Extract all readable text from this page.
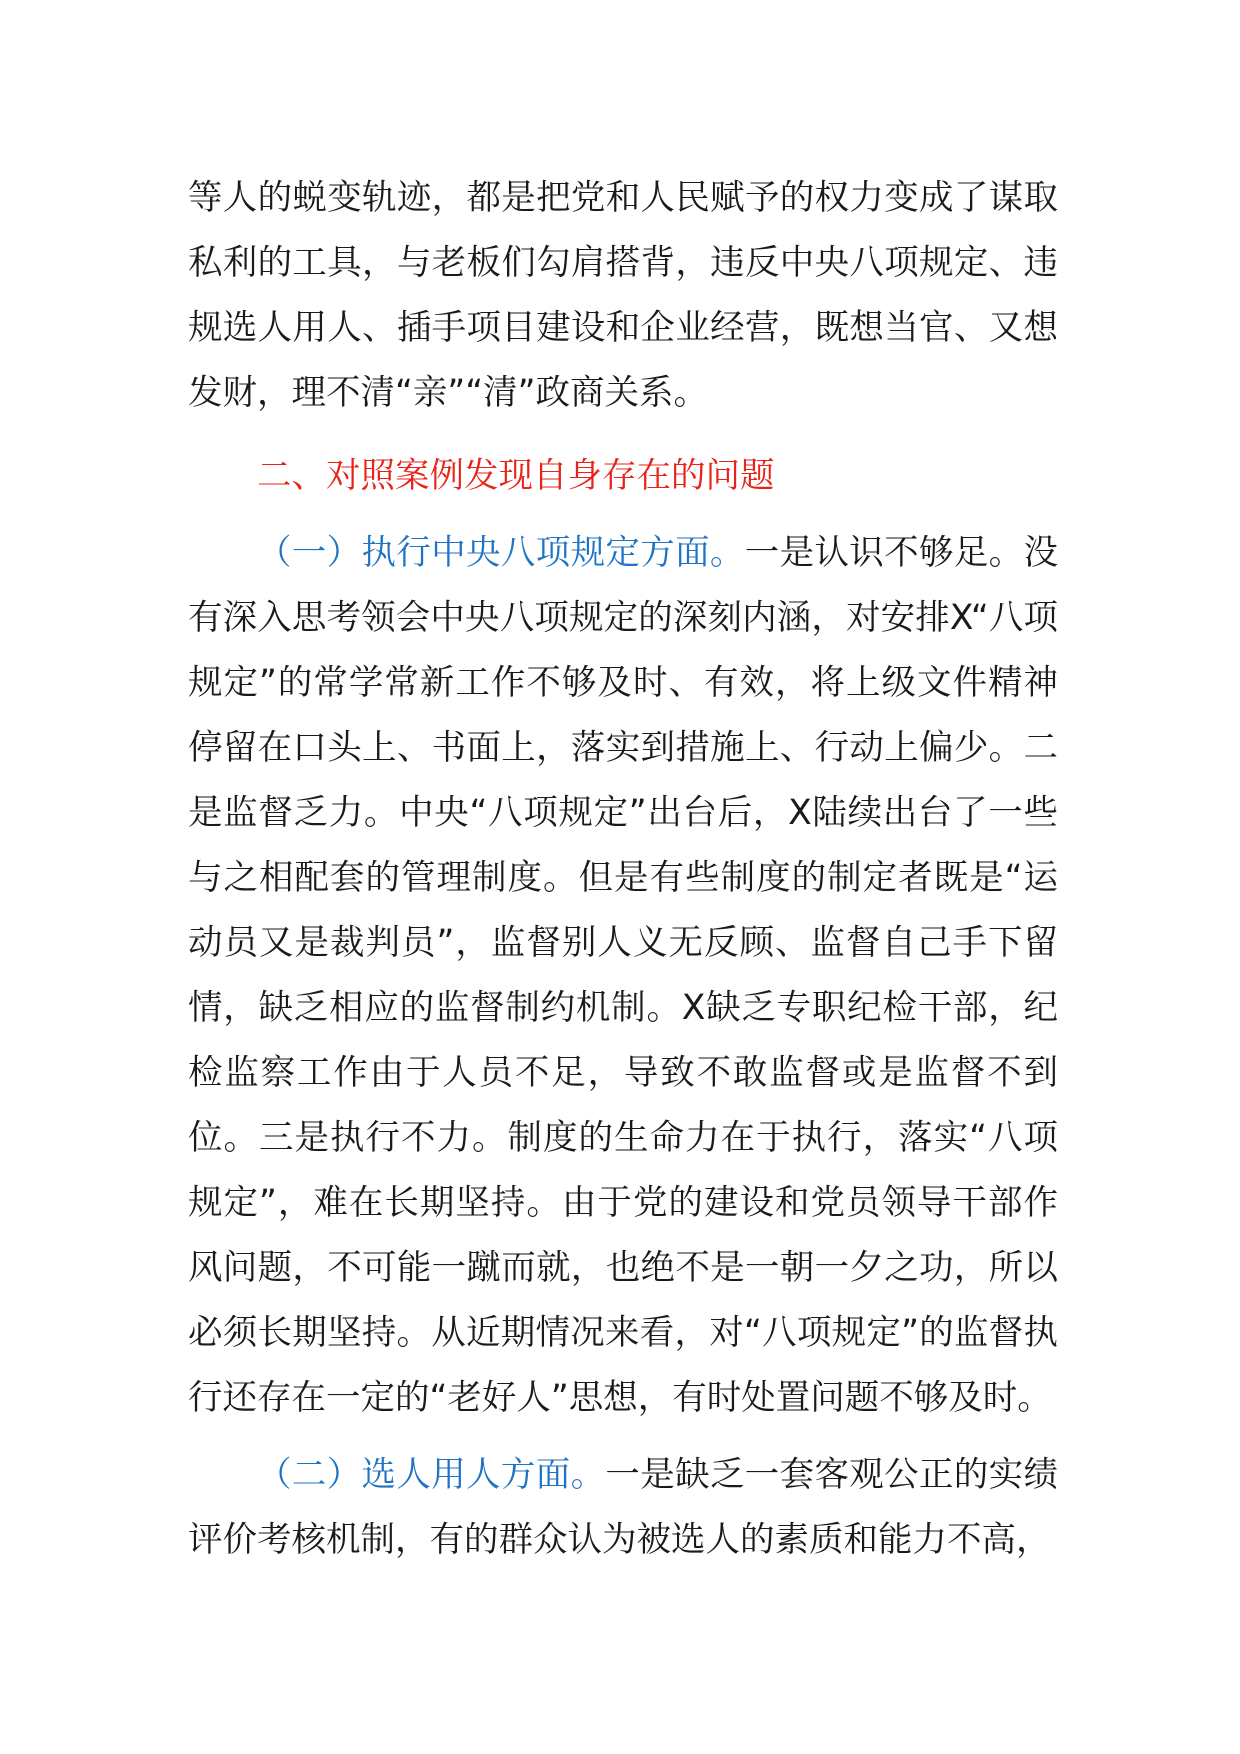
等人的蜕变轨迹，都是把党和人民赋予的权力变成了谋取私利的工具，与老板们勾肩搭背，违反中央八项规定、违规选人用人、插手项目建设和企业经营，既想当官、又想发财，理不清“亲”“清”政商关系。

二、对照案例发现自身存在的问题

（一）执行中央八项规定方面。一是认识不够足。没有深入思考领会中央八项规定的深刻内涵，对安排X“八项规定”的常学常新工作不够及时、有效，将上级文件精神停留在口头上、书面上，落实到措施上、行动上偏少。二是监督乏力。中央“八项规定”出台后，X陆续出台了一些与之相配套的管理制度。但是有些制度的制定者既是“运动员又是裁判员”，监督别人义无反顾、监督自己手下留情，缺乏相应的监督制约机制。X缺乏专职纪检干部，纪检监察工作由于人员不足，导致不敢监督或是监督不到位。三是执行不力。制度的生命力在于执行，落实“八项规定”，难在长期坚持。由于党的建设和党员领导干部作风问题，不可能一蹴而就，也绝不是一朝一夕之功，所以必须长期坚持。从近期情况来看，对“八项规定”的监督执行还存在一定的“老好人”思想，有时处置问题不够及时。

（二）选人用人方面。一是缺乏一套客观公正的实绩评价考核机制，有的群众认为被选人的素质和能力不高，
